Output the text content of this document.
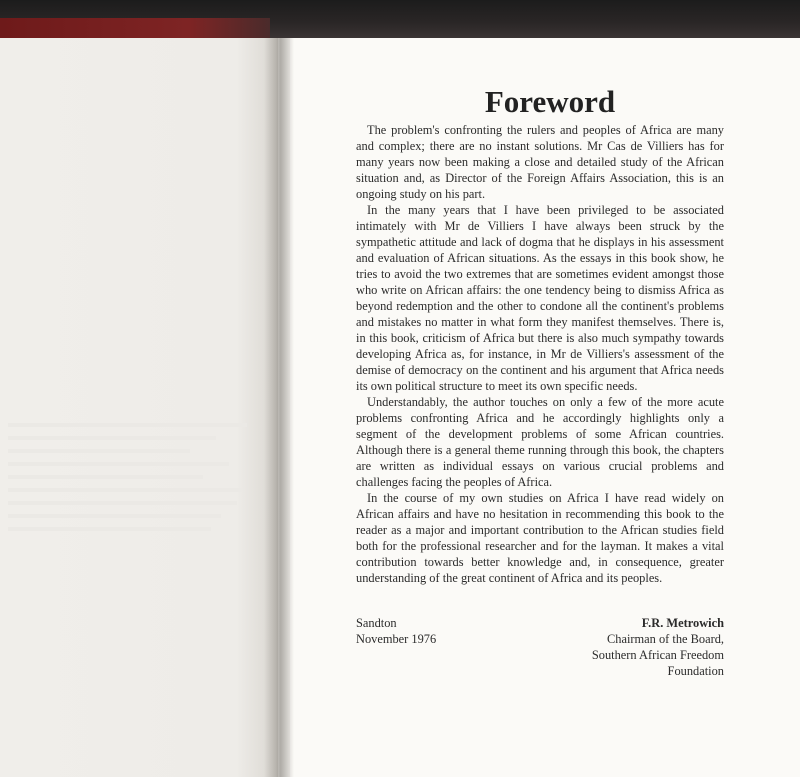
Foreword

The problem's confronting the rulers and peoples of Africa are many and complex; there are no instant solutions. Mr Cas de Villiers has for many years now been making a close and detailed study of the African situation and, as Director of the Foreign Affairs Association, this is an ongoing study on his part.

In the many years that I have been privileged to be associated intimately with Mr de Villiers I have always been struck by the sympathetic attitude and lack of dogma that he displays in his assessment and evaluation of African situations. As the essays in this book show, he tries to avoid the two extremes that are sometimes evident amongst those who write on African affairs: the one tendency being to dismiss Africa as beyond redemption and the other to condone all the continent's problems and mistakes no matter in what form they manifest themselves. There is, in this book, criticism of Africa but there is also much sympathy towards developing Africa as, for instance, in Mr de Villiers's assessment of the demise of democracy on the continent and his argument that Africa needs its own political structure to meet its own specific needs.

Understandably, the author touches on only a few of the more acute problems confronting Africa and he accordingly highlights only a segment of the development problems of some African countries. Although there is a general theme running through this book, the chapters are written as individual essays on various crucial problems and challenges facing the peoples of Africa.

In the course of my own studies on Africa I have read widely on African affairs and have no hesitation in recommending this book to the reader as a major and important contribution to the African studies field both for the professional researcher and for the layman. It makes a vital contribution towards better knowledge and, in consequence, greater understanding of the great continent of Africa and its peoples.

Sandton
November 1976
F.R. Metrowich
Chairman of the Board,
Southern African Freedom
Foundation
